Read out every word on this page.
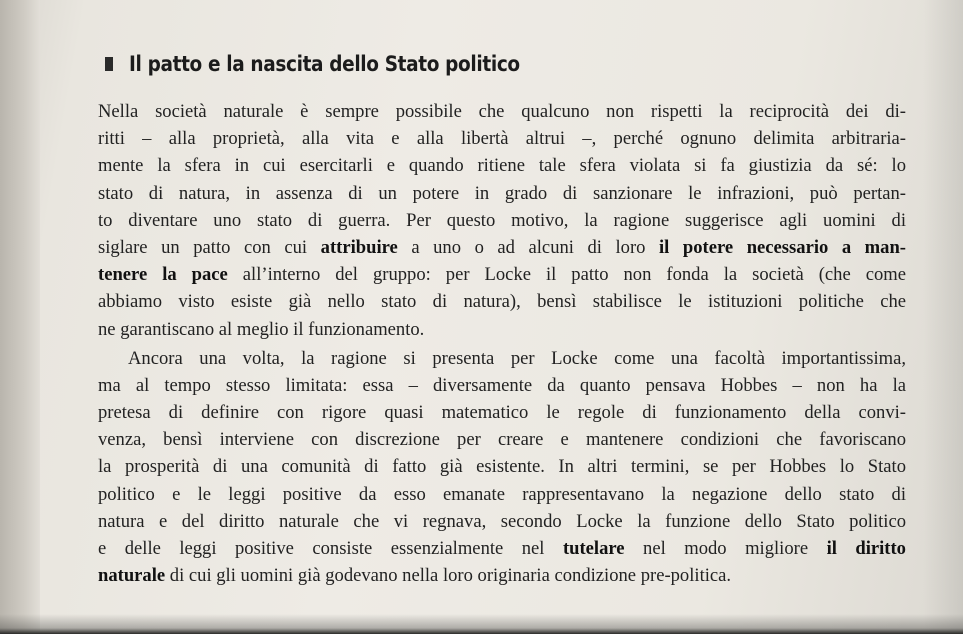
Il patto e la nascita dello Stato politico
Nella società naturale è sempre possibile che qualcuno non rispetti la reciprocità dei di-
ritti – alla proprietà, alla vita e alla libertà altrui –, perché ognuno delimita arbitraria-
mente la sfera in cui esercitarli e quando ritiene tale sfera violata si fa giustizia da sé: lo
stato di natura, in assenza di un potere in grado di sanzionare le infrazioni, può pertan-
to diventare uno stato di guerra. Per questo motivo, la ragione suggerisce agli uomini di
siglare un patto con cui attribuire a uno o ad alcuni di loro il potere necessario a man-
tenere la pace all’interno del gruppo: per Locke il patto non fonda la società (che come
abbiamo visto esiste già nello stato di natura), bensì stabilisce le istituzioni politiche che
ne garantiscano al meglio il funzionamento.
Ancora una volta, la ragione si presenta per Locke come una facoltà importantissima,
ma al tempo stesso limitata: essa – diversamente da quanto pensava Hobbes – non ha la
pretesa di definire con rigore quasi matematico le regole di funzionamento della convi-
venza, bensì interviene con discrezione per creare e mantenere condizioni che favoriscano
la prosperità di una comunità di fatto già esistente. In altri termini, se per Hobbes lo Stato
politico e le leggi positive da esso emanate rappresentavano la negazione dello stato di
natura e del diritto naturale che vi regnava, secondo Locke la funzione dello Stato politico
e delle leggi positive consiste essenzialmente nel tutelare nel modo migliore il diritto
naturale di cui gli uomini già godevano nella loro originaria condizione pre-politica.
